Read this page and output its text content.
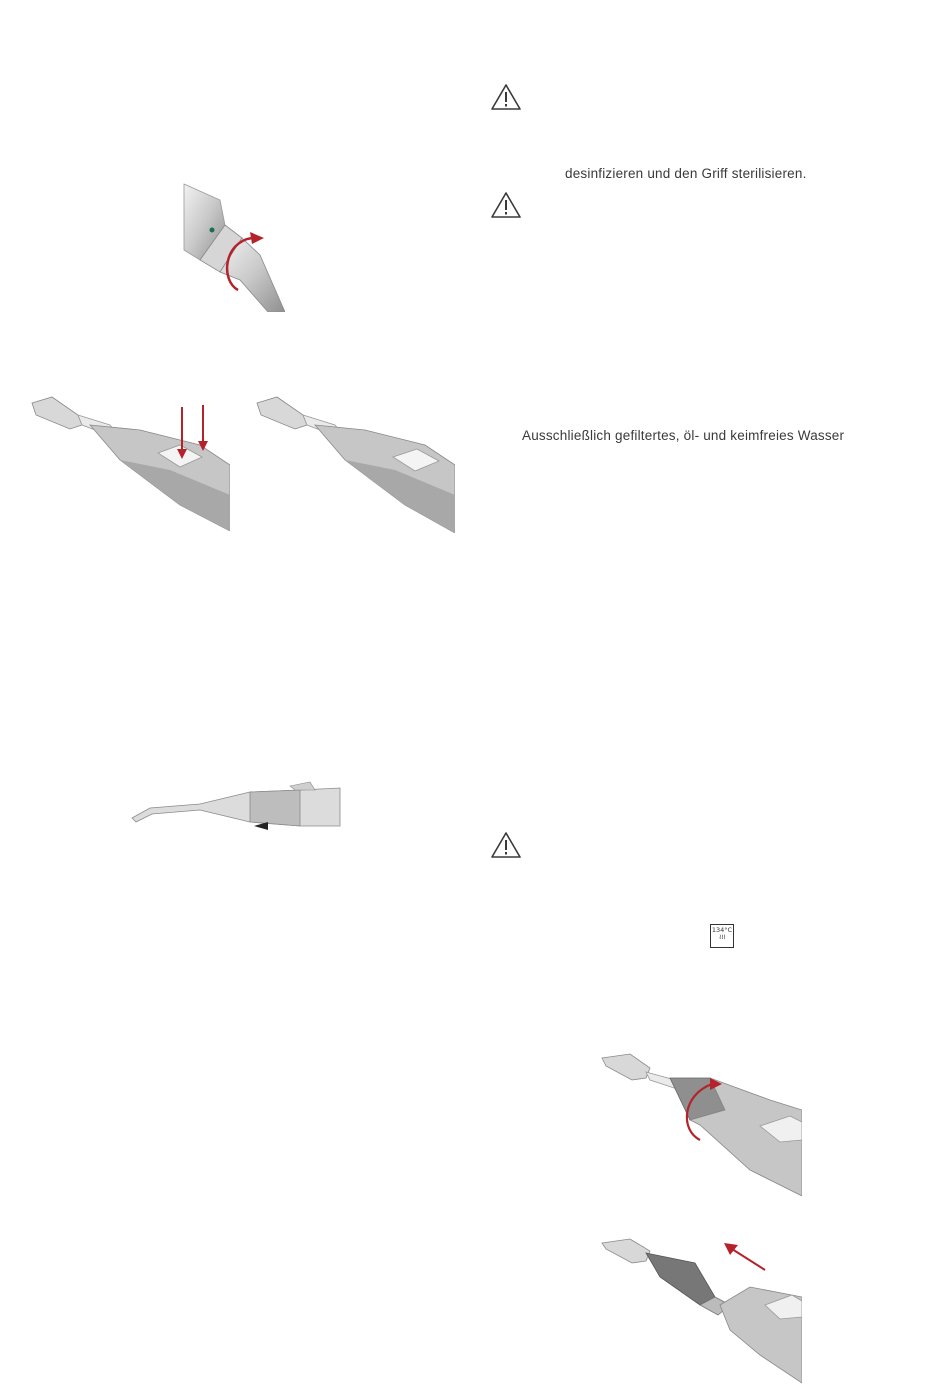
desinfizieren und den Griff sterilisieren.
Ausschließlich gefiltertes, öl- und keimfreies Wasser
134°C
≀≀≀
